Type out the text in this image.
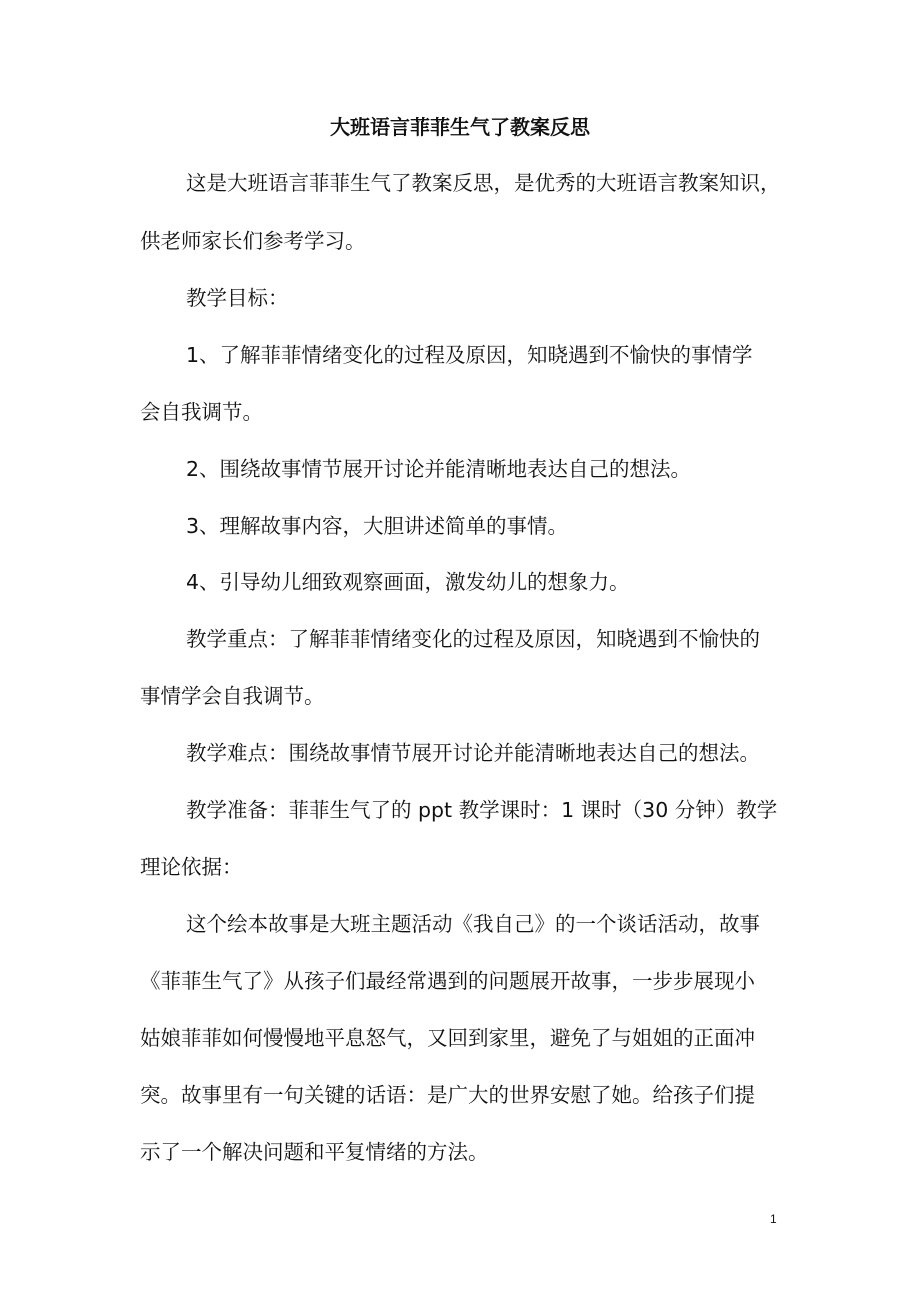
大班语言菲菲生气了教案反思
这是大班语言菲菲生气了教案反思，是优秀的大班语言教案知识，
供老师家长们参考学习。
教学目标：
1、了解菲菲情绪变化的过程及原因，知晓遇到不愉快的事情学
会自我调节。
2、围绕故事情节展开讨论并能清晰地表达自己的想法。
3、理解故事内容，大胆讲述简单的事情。
4、引导幼儿细致观察画面，激发幼儿的想象力。
教学重点：了解菲菲情绪变化的过程及原因，知晓遇到不愉快的
事情学会自我调节。
教学难点：围绕故事情节展开讨论并能清晰地表达自己的想法。
教学准备：菲菲生气了的 ppt 教学课时：1 课时（30 分钟）教学
理论依据：
这个绘本故事是大班主题活动《我自己》的一个谈话活动，故事
《菲菲生气了》从孩子们最经常遇到的问题展开故事，一步步展现小
姑娘菲菲如何慢慢地平息怒气，又回到家里，避免了与姐姐的正面冲
突。故事里有一句关键的话语：是广大的世界安慰了她。给孩子们提
示了一个解决问题和平复情绪的方法。
1
